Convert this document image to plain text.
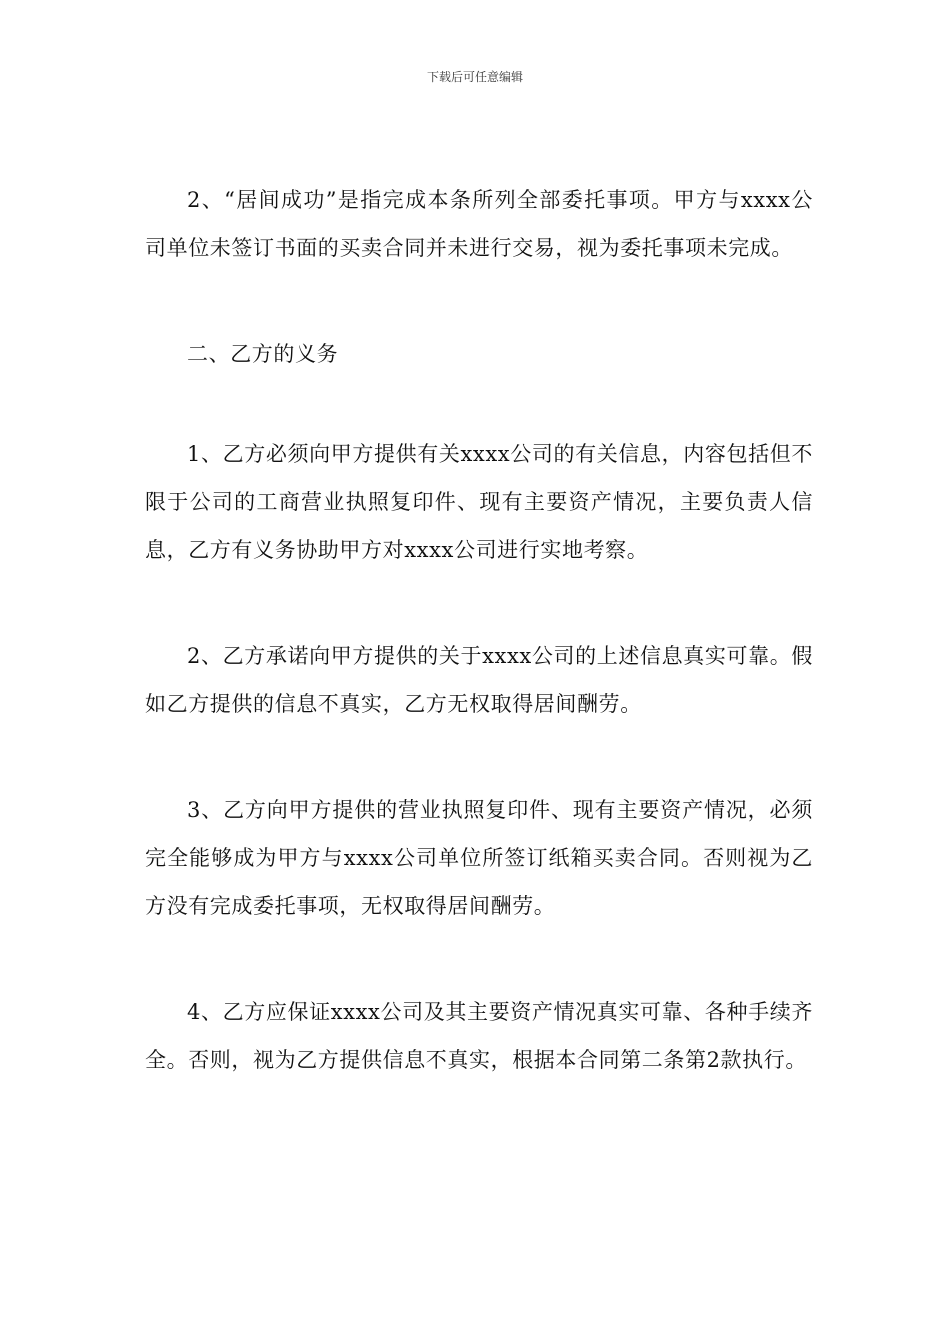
下载后可任意编辑

2、“居间成功”是指完成本条所列全部委托事项。甲方与xxxx公司单位未签订书面的买卖合同并未进行交易，视为委托事项未完成。

二、乙方的义务

1、乙方必须向甲方提供有关xxxx公司的有关信息，内容包括但不限于公司的工商营业执照复印件、现有主要资产情况，主要负责人信息，乙方有义务协助甲方对xxxx公司进行实地考察。

2、乙方承诺向甲方提供的关于xxxx公司的上述信息真实可靠。假如乙方提供的信息不真实，乙方无权取得居间酬劳。

3、乙方向甲方提供的营业执照复印件、现有主要资产情况，必须完全能够成为甲方与xxxx公司单位所签订纸箱买卖合同。否则视为乙方没有完成委托事项，无权取得居间酬劳。

4、乙方应保证xxxx公司及其主要资产情况真实可靠、各种手续齐全。否则，视为乙方提供信息不真实，根据本合同第二条第2款执行。
